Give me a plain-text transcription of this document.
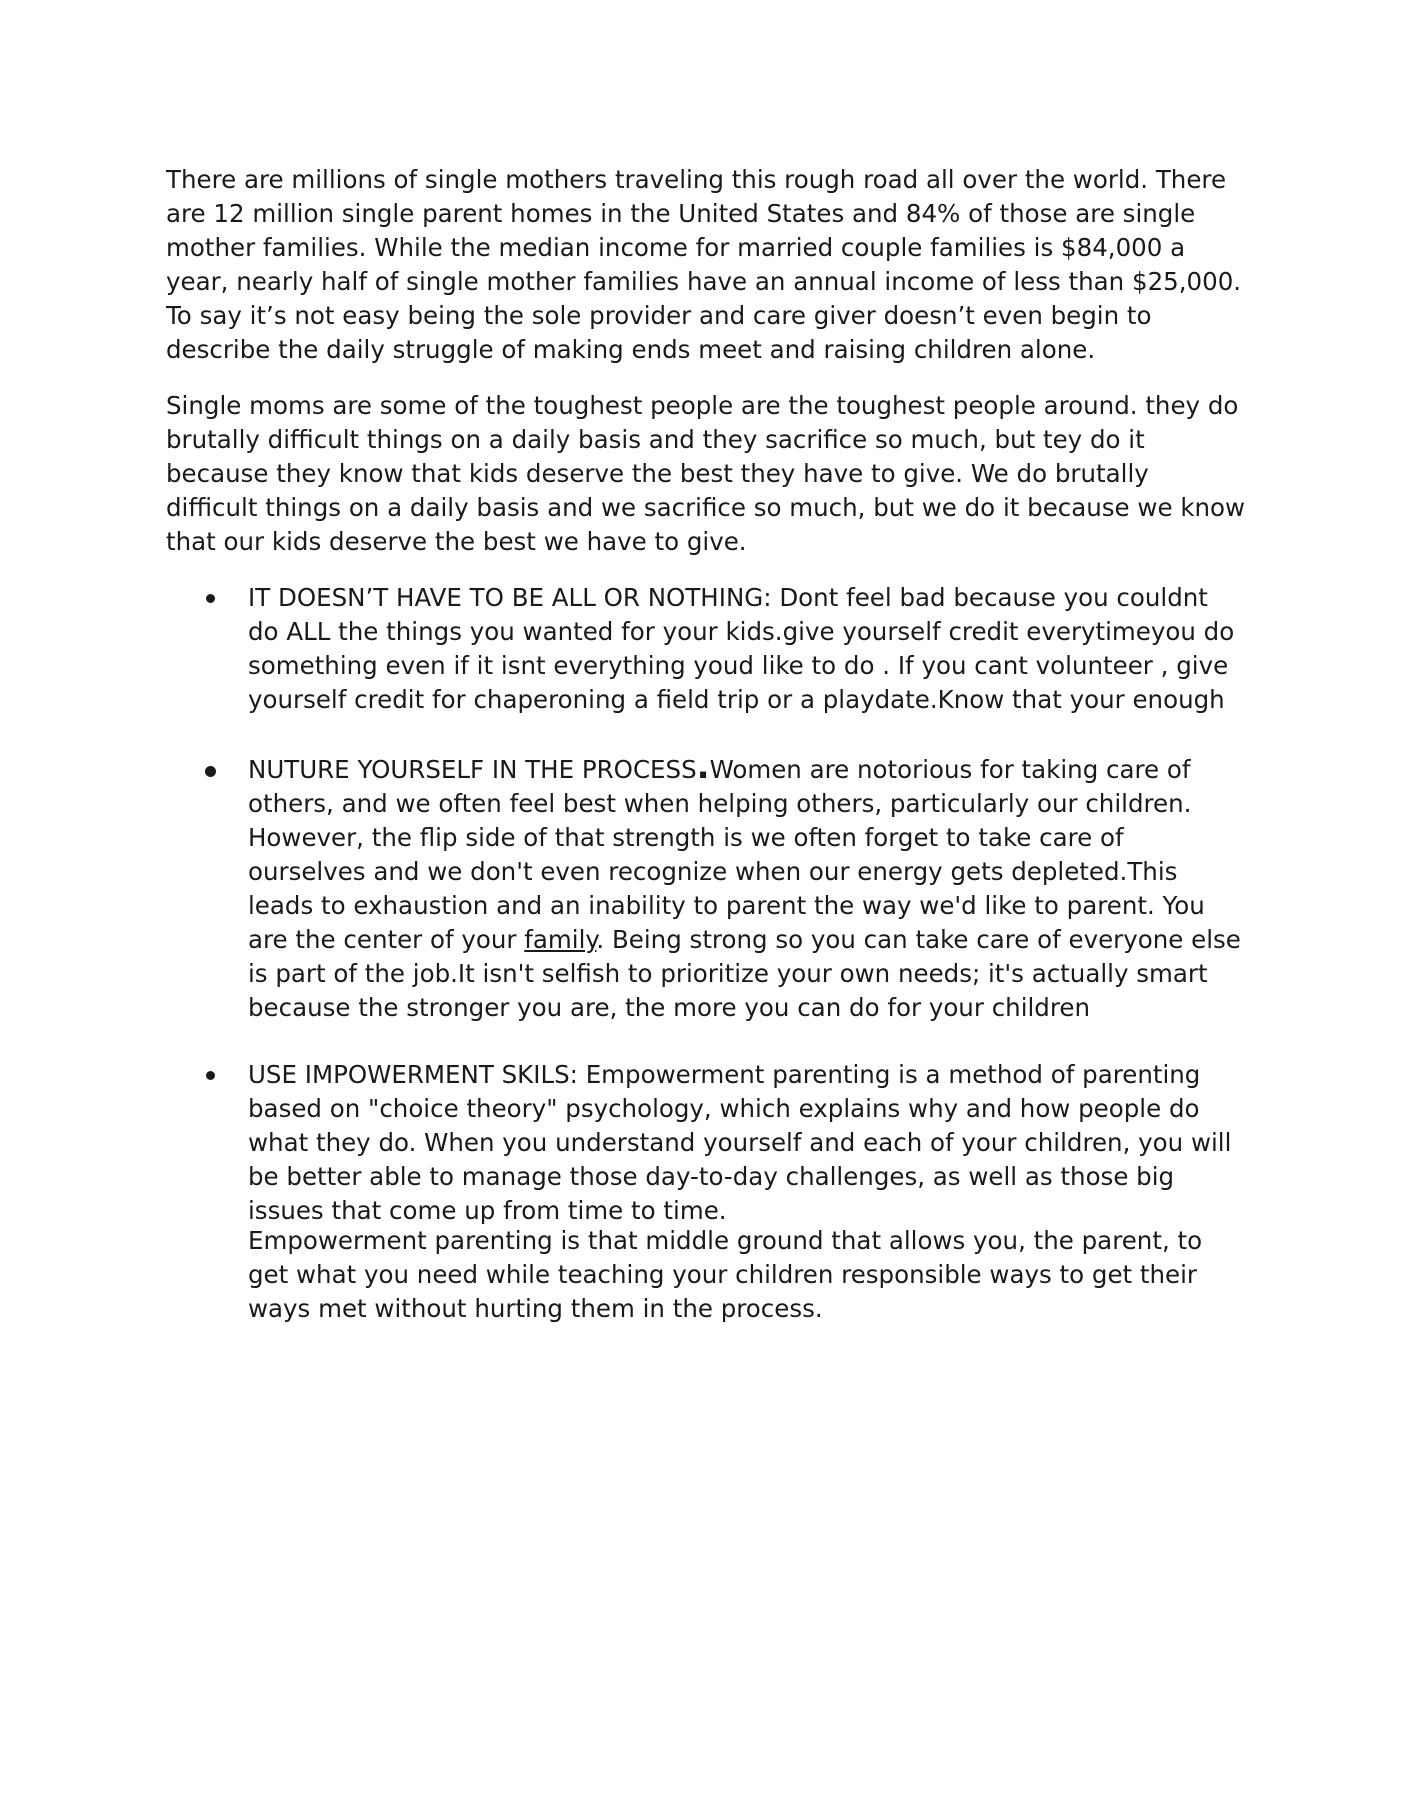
There are millions of single mothers traveling this rough road all over the world. There are 12 million single parent homes in the United States and 84% of those are single mother families. While the median income for married couple families is $84,000 a year, nearly half of single mother families have an annual income of less than $25,000. To say it’s not easy being the sole provider and care giver doesn’t even begin to describe the daily struggle of making ends meet and raising children alone.

Single moms are some of the toughest people are the toughest people around. they do brutally difficult things on a daily basis and they sacrifice so much, but tey do it because they know that kids deserve the best they have to give. We do brutally difficult things on a daily basis and we sacrifice so much, but we do it because we know that our kids deserve the best we have to give.

IT DOESN’T HAVE TO BE ALL OR NOTHING: Dont feel bad because you couldnt do ALL the things you wanted for your kids.give yourself credit everytimeyou do something even if it isnt everything youd like to do . If you cant volunteer , give yourself credit for chaperoning a field trip or a playdate.Know that your enough
NUTURE YOURSELF IN THE PROCESS.Women are notorious for taking care of others, and we often feel best when helping others, particularly our children. However, the flip side of that strength is we often forget to take care of ourselves and we don't even recognize when our energy gets depleted.This leads to exhaustion and an inability to parent the way we'd like to parent. You are the center of your family. Being strong so you can take care of everyone else is part of the job.It isn't selfish to prioritize your own needs; it's actually smart because the stronger you are, the more you can do for your children
USE IMPOWERMENT SKILS: Empowerment parenting is a method of parenting based on "choice theory" psychology, which explains why and how people do what they do. When you understand yourself and each of your children, you will be better able to manage those day-to-day challenges, as well as those big issues that come up from time to time.
Empowerment parenting is that middle ground that allows you, the parent, to get what you need while teaching your children responsible ways to get their ways met without hurting them in the process.
